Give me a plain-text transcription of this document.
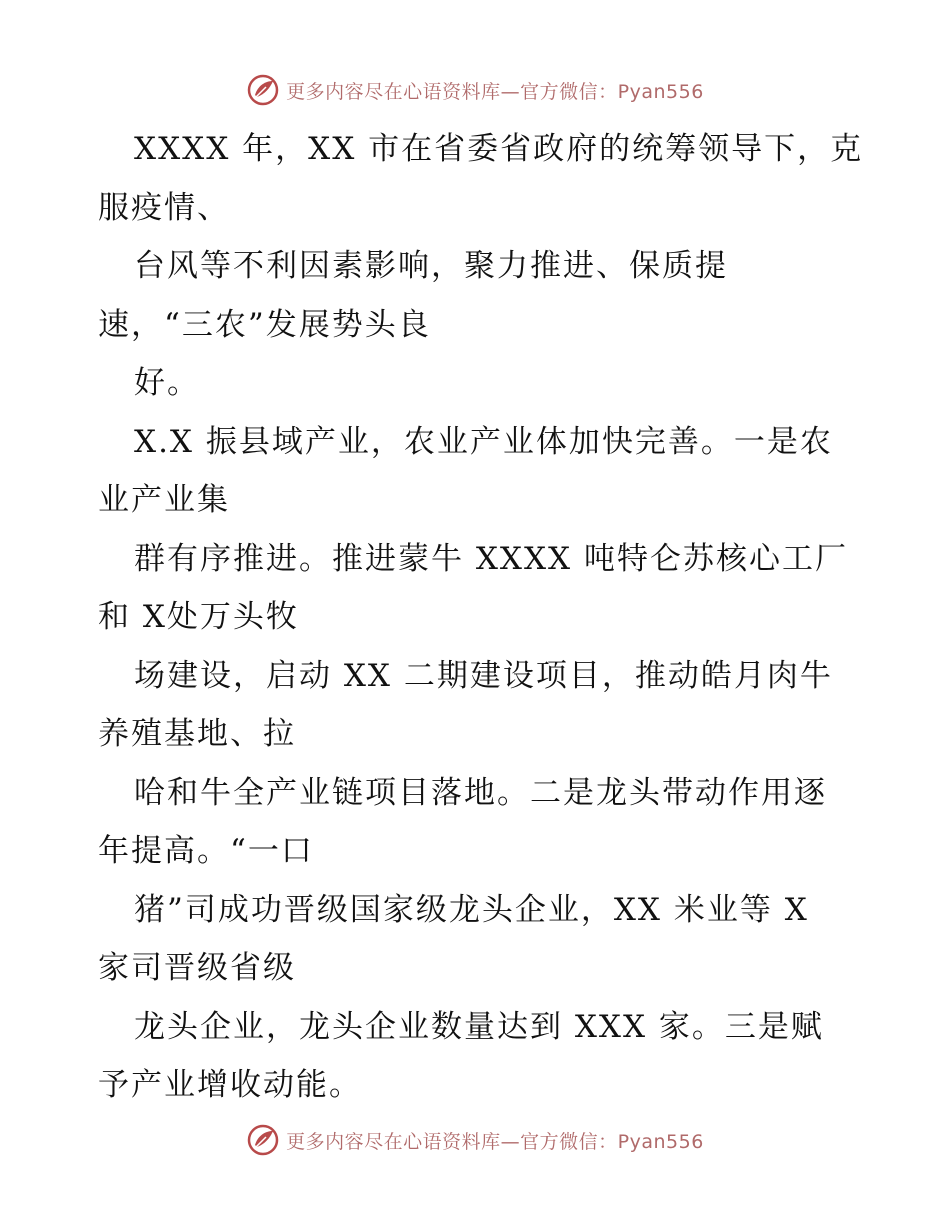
更多内容尽在心语资料库—官方微信：Pyan556
XXXX 年，XX 市在省委省政府的统筹领导下，克
服疫情、
台风等不利因素影响，聚力推进、保质提
速，“三农”发展势头良
好。
X.X 振县域产业，农业产业体加快完善。一是农
业产业集
群有序推进。推进蒙牛 XXXX 吨特仑苏核心工厂
和 X处万头牧
场建设，启动 XX 二期建设项目，推动皓月肉牛
养殖基地、拉
哈和牛全产业链项目落地。二是龙头带动作用逐
年提高。“一口
猪”司成功晋级国家级龙头企业，XX 米业等 X
家司晋级省级
龙头企业，龙头企业数量达到 XXX 家。三是赋
予产业增收动能。
更多内容尽在心语资料库—官方微信：Pyan556
